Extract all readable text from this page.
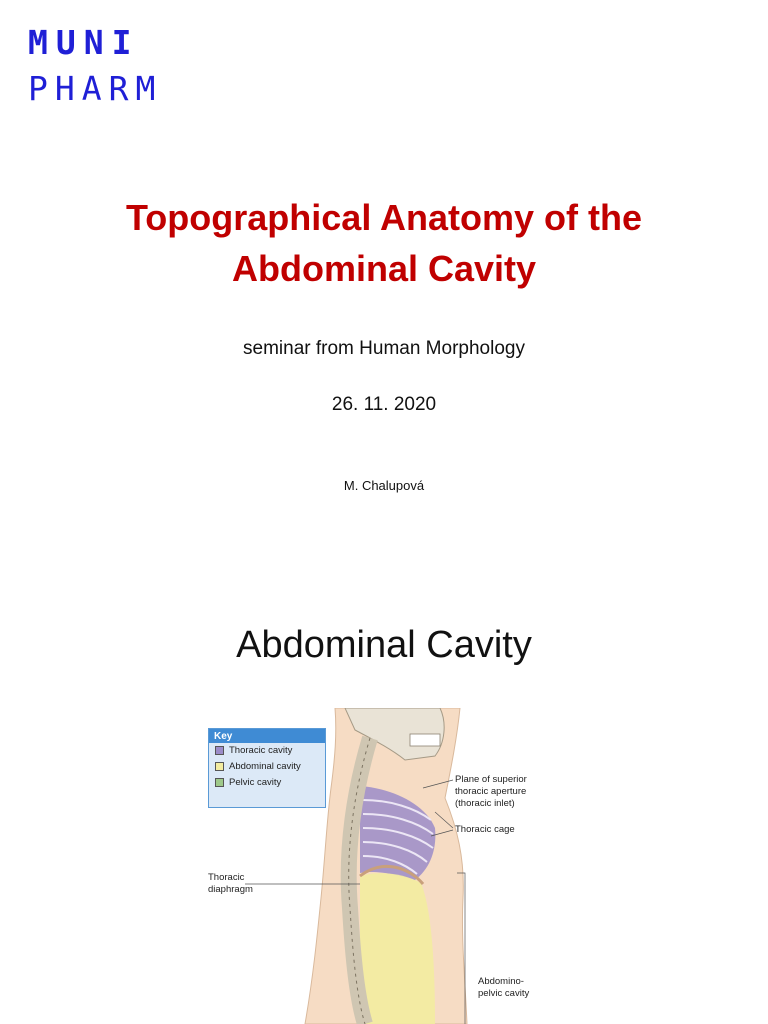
MUNI
PHARM
Topographical Anatomy of the
Abdominal Cavity
seminar from Human Morphology
26. 11. 2020
M. Chalupová
Abdominal Cavity
Key
Thoracic cavity
Abdominal cavity
Pelvic cavity	Plane of superior
thoracic aperture
(thoracic inlet)
Thoracic cage
Thoracic
diaphragm
Abdomino-
pelvic cavity
